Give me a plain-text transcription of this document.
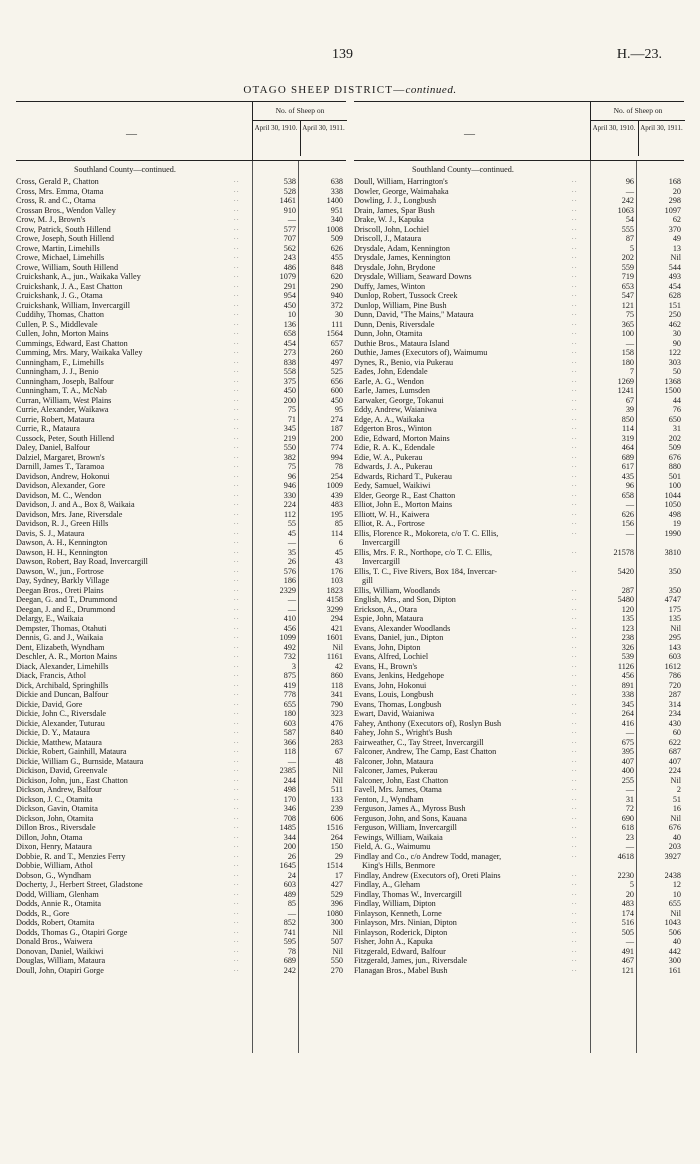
139	H.—23.
OTAGO SHEEP DISTRICT—continued.
—
No. of Sheep on
April 30, 1910. April 30, 1911.
Southland County—continued.
Cross, Gerald P., Chatton	. .	538	638
Cross, Mrs. Emma, Otama	. .	528	338
Cross, R. and C., Otama	. .	1461	1400
Crossan Bros., Wendon Valley	. .	910	951
Crow, M. J., Brown's	. .	—	340
Crow, Patrick, South Hillend	. .	577	1008
Crowe, Joseph, South Hillend	. .	707	509
Crowe, Martin, Limehills	. .	562	626
Crowe, Michael, Limehills	. .	243	455
Crowe, William, South Hillend	. .	486	848
Cruickshank, A., jun., Waikaka Valley	. .	1079	620
Cruickshank, J. A., East Chatton	. .	291	290
Cruickshank, J. G., Otama	. .	954	940
Cruickshank, William, Invercargill	. .	450	372
Cuddihy, Thomas, Chatton	. .	10	30
Cullen, P. S., Middlevale	. .	136	111
Cullen, John, Morton Mains	. .	658	1564
Cummings, Edward, East Chatton	. .	454	657
Cumming, Mrs. Mary, Waikaka Valley	. .	273	260
Cunningham, F., Limehills	. .	838	497
Cunningham, J. J., Benio	. .	558	525
Cunningham, Joseph, Balfour	. .	375	656
Cunningham, T. A., McNab	. .	450	600
Curran, William, West Plains	. .	200	450
Currie, Alexander, Waikawa	. .	75	95
Currie, Robert, Mataura	. .	71	274
Currie, R., Mataura	. .	345	187
Cussock, Peter, South Hillend	. .	219	200
Daley, Daniel, Balfour	. .	550	774
Dalziel, Margaret, Brown's	. .	382	994
Darnill, James T., Taramoa	. .	75	78
Davidson, Andrew, Hokonui	. .	96	254
Davidson, Alexander, Gore	. .	946	1009
Davidson, M. C., Wendon	. .	330	439
Davidson, J. and A., Box 8, Waikaia	. .	224	483
Davidson, Mrs. Jane, Riversdale	. .	112	195
Davidson, R. J., Green Hills	. .	55	85
Davis, S. J., Mataura	. .	45	114
Dawson, A. H., Kennington	. .	—	6
Dawson, H. H., Kennington	. .	35	45
Dawson, Robert, Bay Road, Invercargill	. .	26	43
Dawson, W., jun., Fortrose	. .	576	176
Day, Sydney, Barkly Village	. .	186	103
Deegan Bros., Oreti Plains	. .	2329	1823
Deegan, G. and T., Drummond	. .	—	4158
Deegan, J. and E., Drummond	. .	—	3299
Delargy, E., Waikaia	. .	410	294
Dempster, Thomas, Otahuti	. .	456	421
Dennis, G. and J., Waikaia	. .	1099	1601
Dent, Elizabeth, Wyndham	. .	492	Nil
Deschler, A. R., Morton Mains	. .	732	1161
Diack, Alexander, Limehills	. .	3	42
Diack, Francis, Athol	. .	875	860
Dick, Archibald, Springhills	. .	419	118
Dickie and Duncan, Balfour	. .	778	341
Dickie, David, Gore	. .	655	790
Dickie, John C., Riversdale	. .	180	323
Dickie, Alexander, Tuturau	. .	603	476
Dickie, D. Y., Mataura	. .	587	840
Dickie, Matthew, Mataura	. .	366	283
Dickie, Robert, Gainhill, Mataura	. .	118	67
Dickie, William G., Burnside, Mataura	. .	—	48
Dickison, David, Greenvale	. .	2385	Nil
Dickison, John, jun., East Chatton	. .	244	Nil
Dickson, Andrew, Balfour	. .	498	511
Dickson, J. C., Otamita	. .	170	133
Dickson, Gavin, Otamita	. .	346	239
Dickson, John, Otamita	. .	708	606
Dillon Bros., Riversdale	. .	1485	1516
Dillon, John, Otama	. .	344	264
Dixon, Henry, Mataura	. .	200	150
Dobbie, R. and T., Menzies Ferry	. .	26	29
Dobbie, William, Athol	. .	1645	1514
Dobson, G., Wyndham	. .	24	17
Docherty, J., Herbert Street, Gladstone	. .	603	427
Dodd, William, Glenham	. .	489	529
Dodds, Annie R., Otamita	. .	85	396
Dodds, R., Gore	. .	—	1080
Dodds, Robert, Otamita	. .	852	300
Dodds, Thomas G., Otapiri Gorge	. .	741	Nil
Donald Bros., Waiwera	. .	595	507
Donovan, Daniel, Waikiwi	. .	78	Nil
Douglas, William, Mataura	. .	689	550
Doull, John, Otapiri Gorge	. .	242	270
—
No. of Sheep on
April 30, 1910. April 30, 1911.
Southland County—continued.
Doull, William, Harrington's	. .	96	168
Dowler, George, Waimahaka	. .	—	20
Dowling, J. J., Longbush	. .	242	298
Drain, James, Spar Bush	. .	1063	1097
Drake, W. J., Kapuka	. .	54	62
Driscoll, John, Lochiel	. .	555	370
Driscoll, J., Mataura	. .	87	49
Drysdale, Adam, Kennington	. .	5	13
Drysdale, James, Kennington	. .	202	Nil
Drysdale, John, Brydone	. .	559	544
Drysdale, William, Seaward Downs	. .	719	493
Duffy, James, Winton	. .	653	454
Dunlop, Robert, Tussock Creek	. .	547	628
Dunlop, William, Pine Bush	. .	121	151
Dunn, David, "The Mains," Mataura	. .	75	250
Dunn, Denis, Riversdale	. .	365	462
Dunn, John, Otamita	. .	100	30
Duthie Bros., Mataura Island	. .	—	90
Duthie, James (Executors of), Waimumu	. .	158	122
Dynes, R., Benio, via Pukerau	. .	180	303
Eades, John, Edendale	. .	7	50
Earle, A. G., Wendon	. .	1269	1368
Earle, James, Lumsden	. .	1241	1500
Earwaker, George, Tokanui	. .	67	44
Eddy, Andrew, Waianiwa	. .	39	76
Edge, A. A., Waikaka	. .	850	650
Edgerton Bros., Winton	. .	114	31
Edie, Edward, Morton Mains	. .	319	202
Edie, R. A. K., Edendale	. .	464	509
Edie, W. A., Pukerau	. .	689	676
Edwards, J. A., Pukerau	. .	617	880
Edwards, Richard T., Pukerau	. .	435	501
Eedy, Samuel, Waikiwi	. .	96	100
Elder, George R., East Chatton	. .	658	1044
Elliot, John E., Morton Mains	. .	—	1050
Elliott, W. H., Kaiwera	. .	626	498
Elliot, R. A., Fortrose	. .	156	19
Ellis, Florence R., Mokoreta, c/o T. C. Ellis,	. .	—	1990
Invercargill
Ellis, Mrs. F. R., Northope, c/o T. C. Ellis,	. .	21578	3810
Invercargill
Ellis, T. C., Five Rivers, Box 184, Invercar-	. .	5420	350
gill
Ellis, William, Woodlands	. .	287	350
English, Mrs., and Son, Dipton	. .	5480	4747
Erickson, A., Otara	. .	120	175
Espie, John, Mataura	. .	135	135
Evans, Alexander Woodlands	. .	123	Nil
Evans, Daniel, jun., Dipton	. .	238	295
Evans, John, Dipton	. .	326	143
Evans, Alfred, Lochiel	. .	539	603
Evans, H., Brown's	. .	1126	1612
Evans, Jenkins, Hedgehope	. .	456	786
Evans, John, Hokonui	. .	891	720
Evans, Louis, Longbush	. .	338	287
Evans, Thomas, Longbush	. .	345	314
Ewart, David, Waianiwa	. .	264	234
Fahey, Anthony (Executors of), Roslyn Bush	. .	416	430
Fahey, John S., Wright's Bush	. .	—	60
Fairweather, C., Tay Street, Invercargill	. .	675	622
Falconer, Andrew, The Camp, East Chatton	. .	395	687
Falconer, John, Mataura	. .	407	407
Falconer, James, Pukerau	. .	400	224
Falconer, John, East Chatton	. .	255	Nil
Favell, Mrs. James, Otama	. .	—	2
Fenton, J., Wyndham	. .	31	51
Ferguson, James A., Myross Bush	. .	72	16
Ferguson, John, and Sons, Kauana	. .	690	Nil
Ferguson, William, Invercargill	. .	618	676
Fewings, William, Waikaia	. .	23	40
Field, A. G., Waimumu	. .	—	203
Findlay and Co., c/o Andrew Todd, manager,	. .	4618	3927
King's Hills, Benmore
Findlay, Andrew (Executors of), Oreti Plains	. .	2230	2438
Findlay, A., Gleham	. .	5	12
Findlay, Thomas W., Invercargill	. .	20	10
Findlay, William, Dipton	. .	483	655
Finlayson, Kenneth, Lorne	. .	174	Nil
Finlayson, Mrs. Ninian, Dipton	. .	516	1043
Finlayson, Roderick, Dipton	. .	505	506
Fisher, John A., Kapuka	. .	—	40
Fitzgerald, Edward, Balfour	. .	491	442
Fitzgerald, James, jun., Riversdale	. .	467	300
Flanagan Bros., Mabel Bush	. .	121	161
